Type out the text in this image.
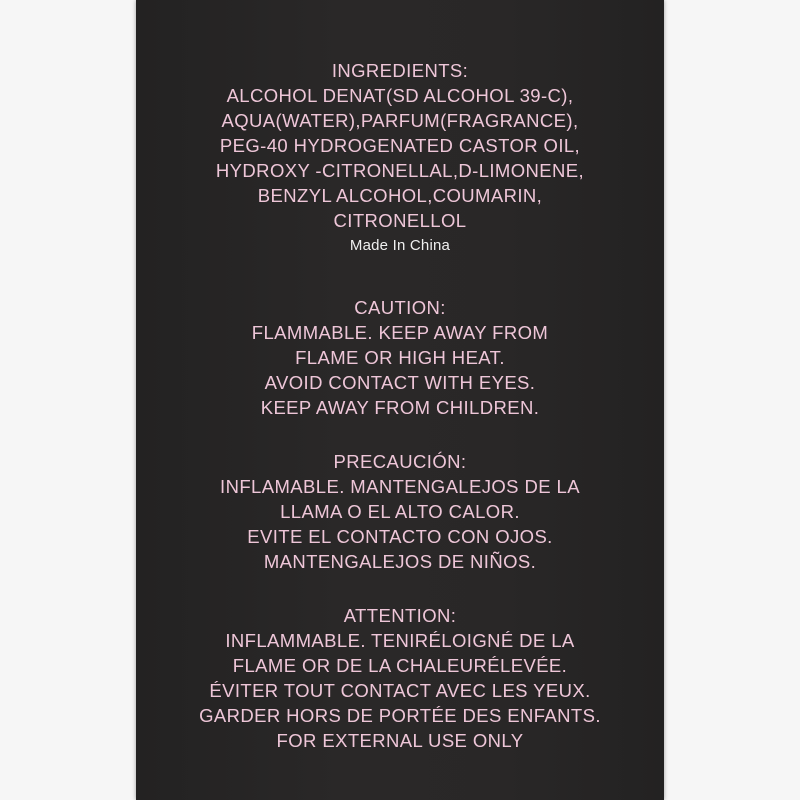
INGREDIENTS:
ALCOHOL DENAT(SD ALCOHOL 39-C),
AQUA(WATER),PARFUM(FRAGRANCE),
PEG-40 HYDROGENATED CASTOR OIL,
HYDROXY -CITRONELLAL,D-LIMONENE,
BENZYL ALCOHOL,COUMARIN,
CITRONELLOL
Made In China
CAUTION:
FLAMMABLE. KEEP AWAY FROM
FLAME OR HIGH HEAT.
AVOID CONTACT WITH EYES.
KEEP AWAY FROM CHILDREN.
PRECAUCIÓN:
INFLAMABLE. MANTENGALEJOS DE LA
LLAMA O EL ALTO CALOR.
EVITE EL CONTACTO CON OJOS.
MANTENGALEJOS DE NIÑOS.
ATTENTION:
INFLAMMABLE. TENIRÉLOIGNÉ DE LA
FLAME OR DE LA CHALEURÉLEVÉE.
ÉVITER TOUT CONTACT AVEC LES YEUX.
GARDER HORS DE PORTÉE DES ENFANTS.
FOR EXTERNAL USE ONLY
